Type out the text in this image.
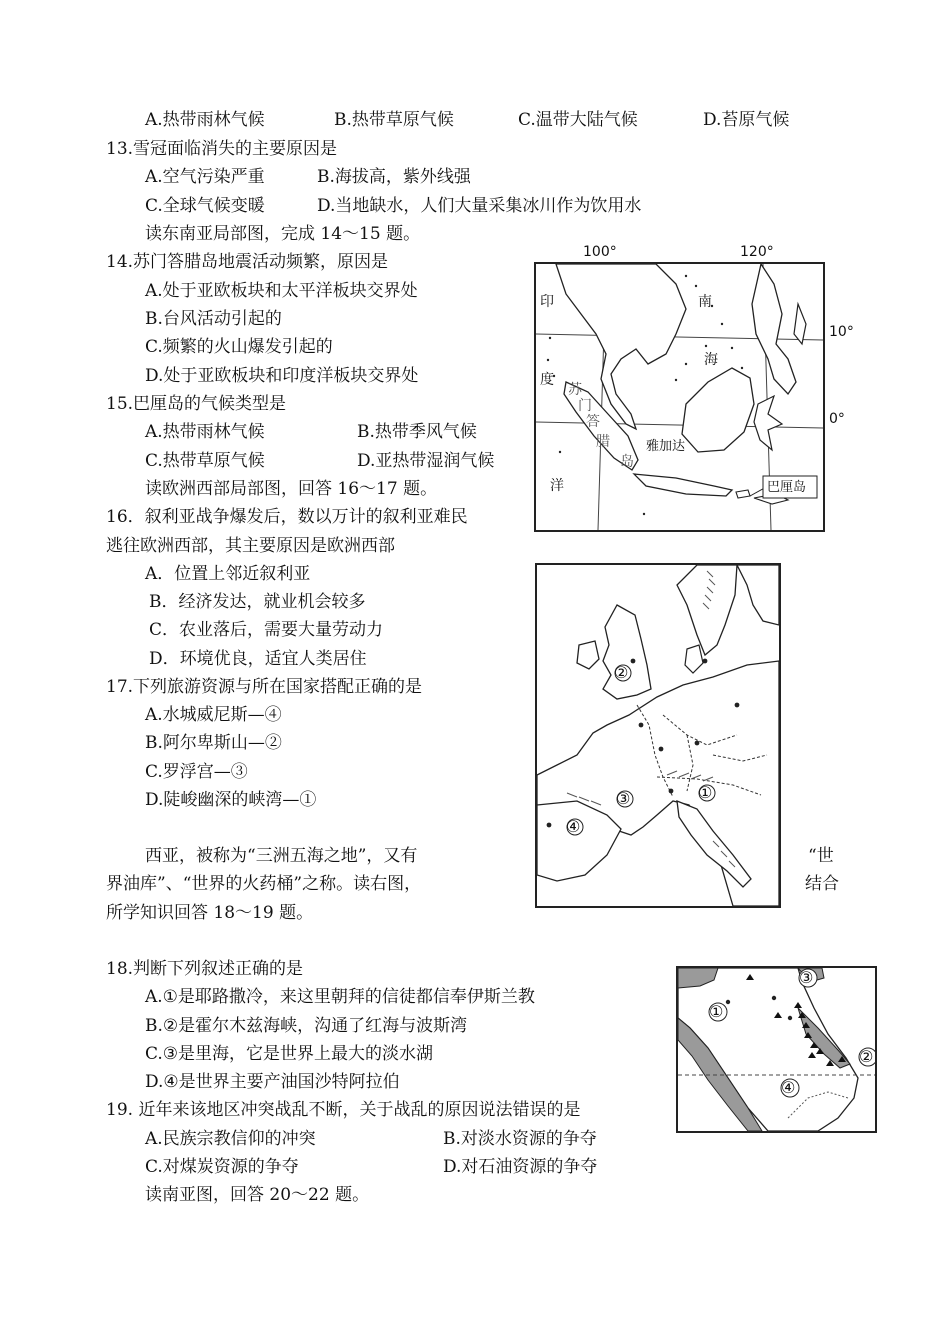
A.热带雨林气候	B.热带草原气候	C.温带大陆气候	D.苔原气候
13.雪冠面临消失的主要原因是
A.空气污染严重	B.海拔高，紫外线强
C.全球气候变暖	D.当地缺水，人们大量采集冰川作为饮用水
读东南亚局部图，完成 14～15 题。
14.苏门答腊岛地震活动频繁，原因是
A.处于亚欧板块和太平洋板块交界处
B.台风活动引起的
C.频繁的火山爆发引起的
D.处于亚欧板块和印度洋板块交界处
15.巴厘岛的气候类型是
A.热带雨林气候	B.热带季风气候
C.热带草原气候	D.亚热带湿润气候
读欧洲西部局部图，回答 16～17 题。
16．叙利亚战争爆发后，数以万计的叙利亚难民
逃往欧洲西部，其主要原因是欧洲西部
A．位置上邻近叙利亚
B．经济发达，就业机会较多
C．农业落后，需要大量劳动力
D．环境优良，适宜人类居住
17.下列旅游资源与所在国家搭配正确的是
A.水城威尼斯—④
B.阿尔卑斯山—②
C.罗浮宫—③
D.陡峻幽深的峡湾—①
西亚，被称为“三洲五海之地”，又有	“世
界油库”、“世界的火药桶”之称。读右图，	结合
所学知识回答 18～19 题。
18.判断下列叙述正确的是
A.①是耶路撒冷，来这里朝拜的信徒都信奉伊斯兰教
B.②是霍尔木兹海峡，沟通了红海与波斯湾
C.③是里海，它是世界上最大的淡水湖
D.④是世界主要产油国沙特阿拉伯
19. 近年来该地区冲突战乱不断，关于战乱的原因说法错误的是
A.民族宗教信仰的冲突	B.对淡水资源的争夺
C.对煤炭资源的争夺	D.对石油资源的争夺
读南亚图，回答 20～22 题。
100°	120°
10°
0°
印
度
洋
南
海
苏
门
答
腊
岛
雅加达
巴厘岛
②
③	①
④
①
③
②
④
